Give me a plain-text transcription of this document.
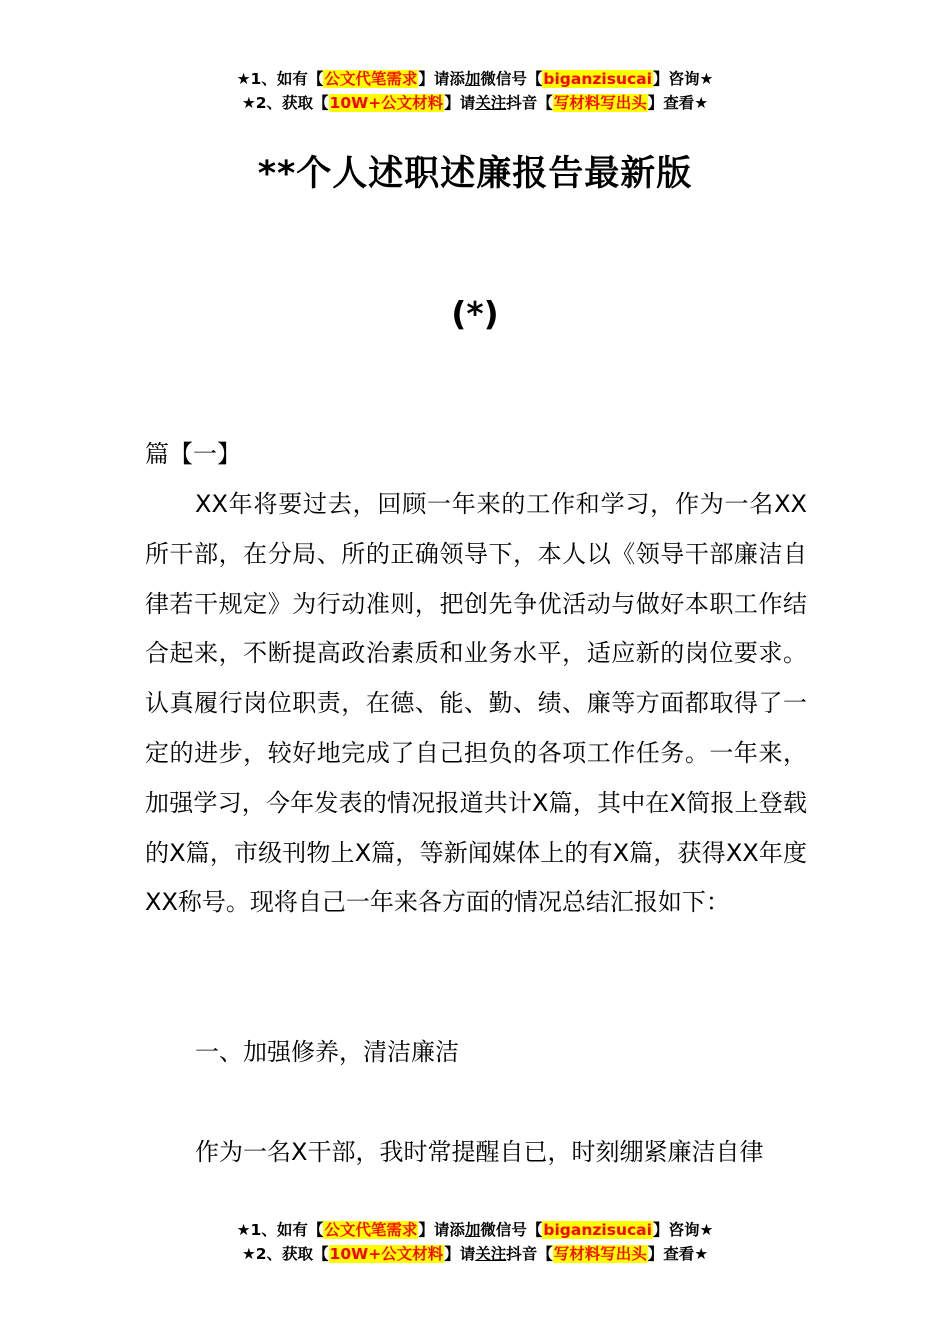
★1、如有【公文代笔需求】请添加微信号【biganzisucai】咨询★
★2、获取【10W+公文材料】请关注抖音【写材料写出头】查看★
**个人述职述廉报告最新版
(*)
篇【一】
XX年将要过去，回顾一年来的工作和学习，作为一名XX所干部，在分局、所的正确领导下，本人以《领导干部廉洁自律若干规定》为行动准则，把创先争优活动与做好本职工作结合起来，不断提高政治素质和业务水平，适应新的岗位要求。认真履行岗位职责，在德、能、勤、绩、廉等方面都取得了一定的进步，较好地完成了自己担负的各项工作任务。一年来，加强学习，今年发表的情况报道共计X篇，其中在X简报上登载的X篇，市级刊物上X篇，等新闻媒体上的有X篇，获得XX年度XX称号。现将自己一年来各方面的情况总结汇报如下：
一、加强修养，清洁廉洁
作为一名X干部，我时常提醒自已，时刻绷紧廉洁自律
★1、如有【公文代笔需求】请添加微信号【biganzisucai】咨询★
★2、获取【10W+公文材料】请关注抖音【写材料写出头】查看★
